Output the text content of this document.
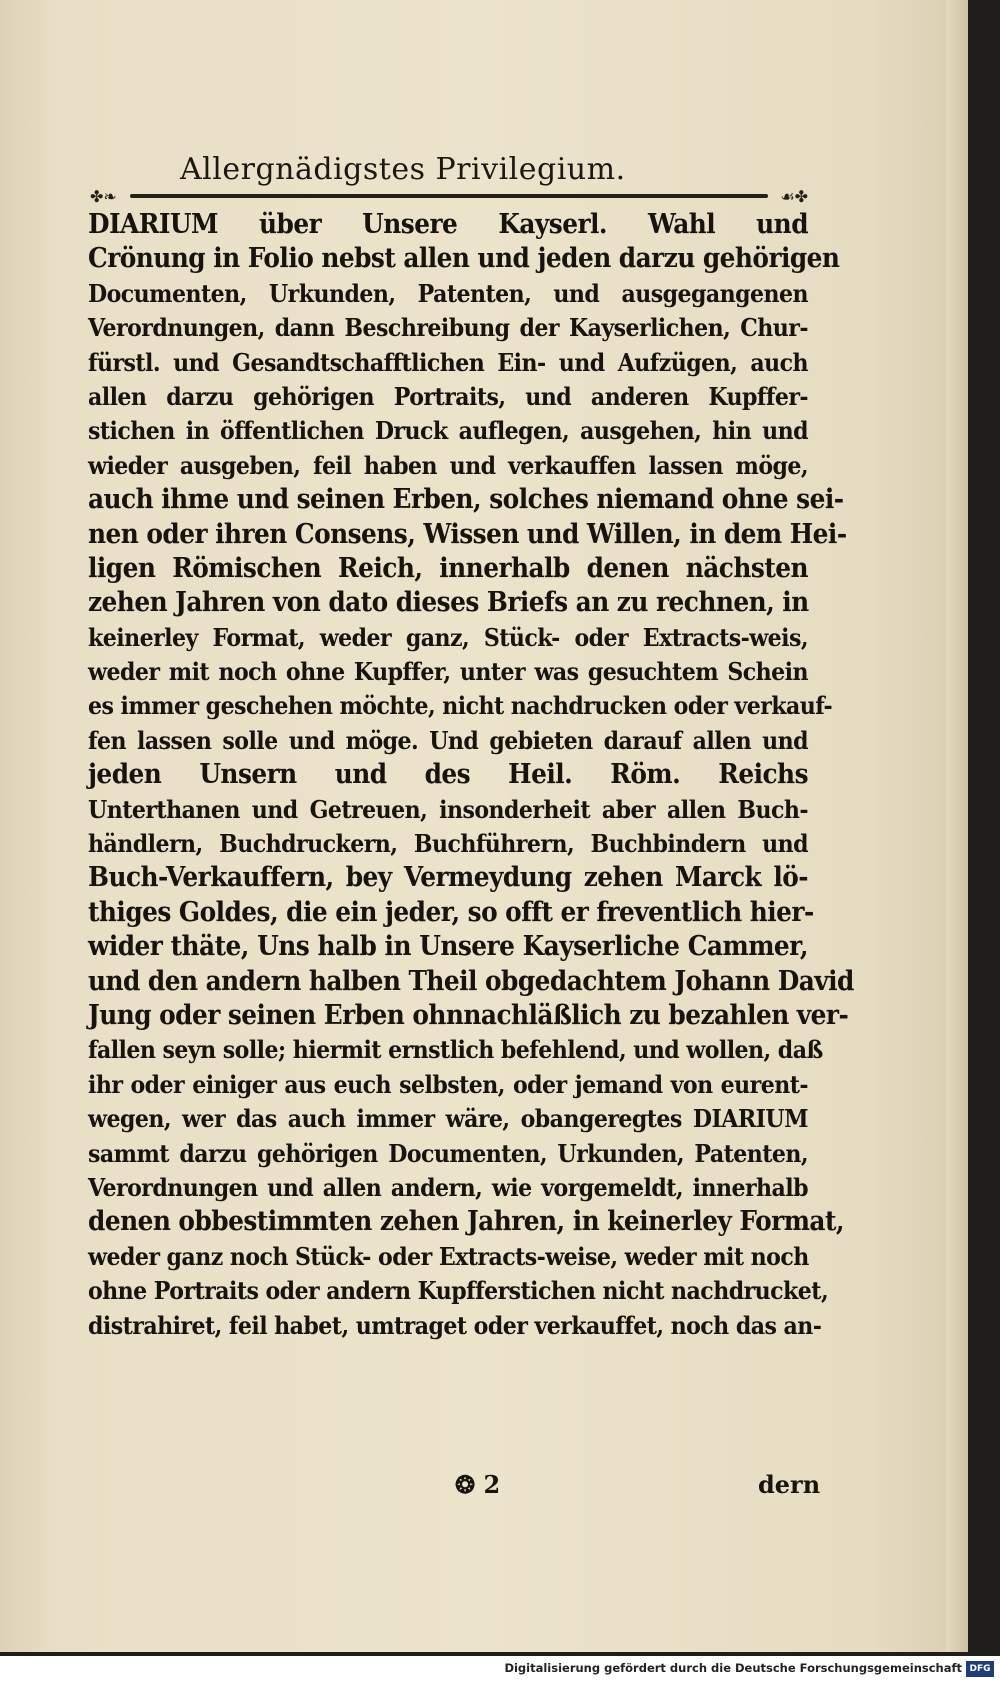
Allergnädigstes Privilegium.
✤❧	☙✤
DIARIUM über Unsere Kayserl. Wahl und
Crönung in Folio nebst allen und jeden darzu gehörigen
Documenten, Urkunden, Patenten, und ausgegangenen
Verordnungen, dann Beschreibung der Kayserlichen, Chur-
fürstl. und Gesandtschafftlichen Ein- und Aufzügen, auch
allen darzu gehörigen Portraits, und anderen Kupffer-
stichen in öffentlichen Druck auflegen, ausgehen, hin und
wieder ausgeben, feil haben und verkauffen lassen möge,
auch ihme und seinen Erben, solches niemand ohne sei-
nen oder ihren Consens, Wissen und Willen, in dem Hei-
ligen Römischen Reich, innerhalb denen nächsten
zehen Jahren von dato dieses Briefs an zu rechnen, in
keinerley Format, weder ganz, Stück- oder Extracts-weis,
weder mit noch ohne Kupffer, unter was gesuchtem Schein
es immer geschehen möchte, nicht nachdrucken oder verkauf-
fen lassen solle und möge. Und gebieten darauf allen und
jeden Unsern und des Heil. Röm. Reichs
Unterthanen und Getreuen, insonderheit aber allen Buch-
händlern, Buchdruckern, Buchführern, Buchbindern und
Buch-Verkauffern, bey Vermeydung zehen Marck lö-
thiges Goldes, die ein jeder, so offt er freventlich hier-
wider thäte, Uns halb in Unsere Kayserliche Cammer,
und den andern halben Theil obgedachtem Johann David
Jung oder seinen Erben ohnnachläßlich zu bezahlen ver-
fallen seyn solle; hiermit ernstlich befehlend, und wollen, daß
ihr oder einiger aus euch selbsten, oder jemand von eurent-
wegen, wer das auch immer wäre, obangeregtes DIARIUM
sammt darzu gehörigen Documenten, Urkunden, Patenten,
Verordnungen und allen andern, wie vorgemeldt, innerhalb
denen obbestimmten zehen Jahren, in keinerley Format,
weder ganz noch Stück- oder Extracts-weise, weder mit noch
ohne Portraits oder andern Kupfferstichen nicht nachdrucket,
distrahiret, feil habet, umtraget oder verkauffet, noch das an-
❂ 2	dern
Digitalisierung gefördert durch die Deutsche Forschungsgemeinschaft DFG
